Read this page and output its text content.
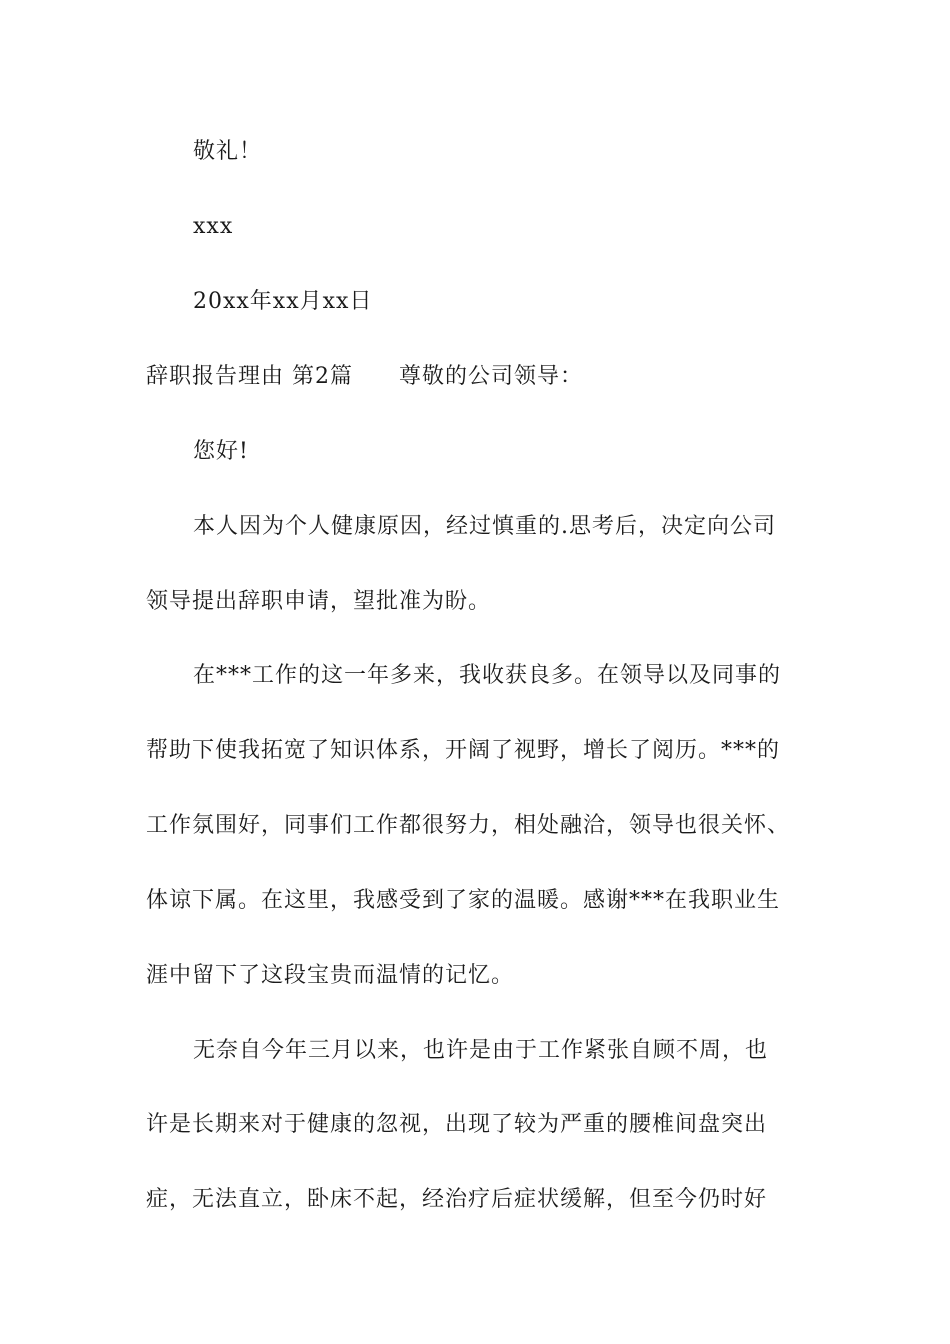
敬礼！
xxx
20xx年xx月xx日
辞职报告理由 第2篇 尊敬的公司领导：
您好!
本人因为个人健康原因，经过慎重的.思考后，决定向公司
领导提出辞职申请，望批准为盼。
在***工作的这一年多来，我收获良多。在领导以及同事的
帮助下使我拓宽了知识体系，开阔了视野，增长了阅历。***的
工作氛围好，同事们工作都很努力，相处融洽，领导也很关怀、
体谅下属。在这里，我感受到了家的温暖。感谢***在我职业生
涯中留下了这段宝贵而温情的记忆。
无奈自今年三月以来，也许是由于工作紧张自顾不周，也
许是长期来对于健康的忽视，出现了较为严重的腰椎间盘突出
症，无法直立，卧床不起，经治疗后症状缓解，但至今仍时好
